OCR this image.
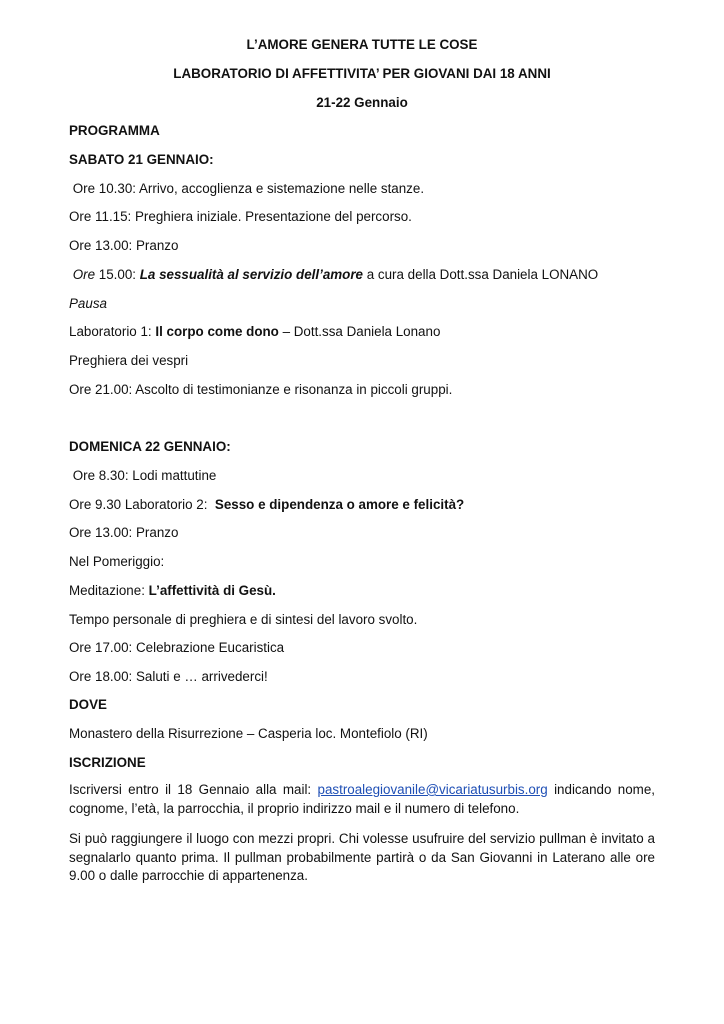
L’AMORE GENERA TUTTE LE COSE
LABORATORIO DI AFFETTIVITA’ PER GIOVANI DAI 18 ANNI
21-22 Gennaio
PROGRAMMA
SABATO 21 GENNAIO:
Ore 10.30: Arrivo, accoglienza e sistemazione nelle stanze.
Ore 11.15: Preghiera iniziale. Presentazione del percorso.
Ore 13.00: Pranzo
Ore 15.00: La sessualità al servizio dell’amore a cura della Dott.ssa Daniela LONANO
Pausa
Laboratorio 1: Il corpo come dono – Dott.ssa Daniela Lonano
Preghiera dei vespri
Ore 21.00: Ascolto di testimonianze e risonanza in piccoli gruppi.
DOMENICA 22 GENNAIO:
Ore 8.30: Lodi mattutine
Ore 9.30 Laboratorio 2:  Sesso e dipendenza o amore e felicità?
Ore 13.00: Pranzo
Nel Pomeriggio:
Meditazione: L’affettività di Gesù.
Tempo personale di preghiera e di sintesi del lavoro svolto.
Ore 17.00: Celebrazione Eucaristica
Ore 18.00: Saluti e … arrivederci!
DOVE
Monastero della Risurrezione – Casperia loc. Montefiolo (RI)
ISCRIZIONE
Iscriversi entro il 18 Gennaio alla mail: pastroalegiovanile@vicariatusurbis.org indicando nome, cognome, l’età, la parrocchia, il proprio indirizzo mail e il numero di telefono.
Si può raggiungere il luogo con mezzi propri. Chi volesse usufruire del servizio pullman è invitato a segnalarlo quanto prima. Il pullman probabilmente partirà o da San Giovanni in Laterano alle ore 9.00 o dalle parrocchie di appartenenza.
